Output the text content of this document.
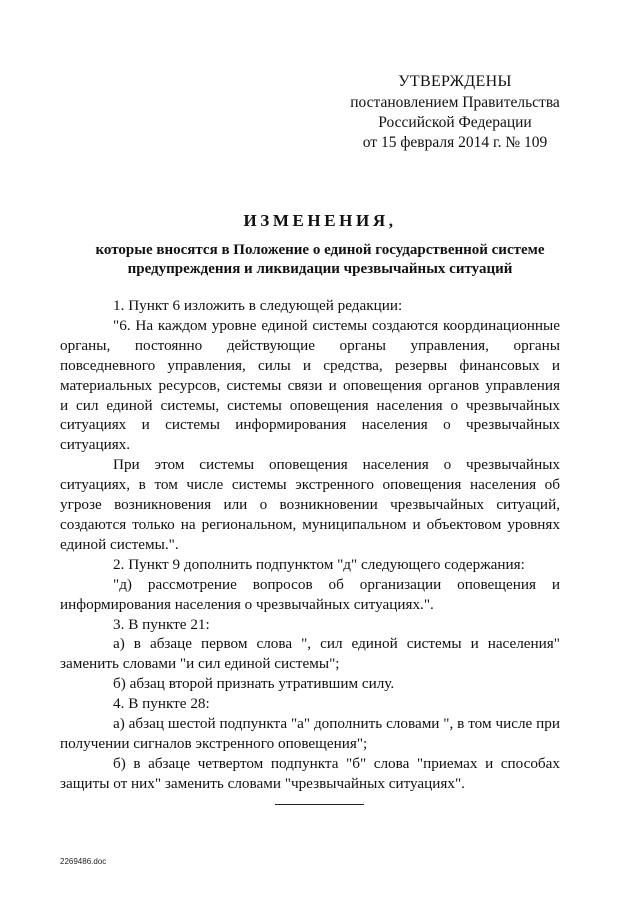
УТВЕРЖДЕНЫ
постановлением Правительства
Российской Федерации
от 15 февраля 2014 г. № 109
ИЗМЕНЕНИЯ,
которые вносятся в Положение о единой государственной системе
предупреждения и ликвидации чрезвычайных ситуаций

1. Пункт 6 изложить в следующей редакции:

"6. На каждом уровне единой системы создаются координационные
органы, постоянно действующие органы управления, органы
повседневного управления, силы и средства, резервы финансовых и
материальных ресурсов, системы связи и оповещения органов управления
и сил единой системы, системы оповещения населения о чрезвычайных
ситуациях и системы информирования населения о чрезвычайных
ситуациях.
При этом системы оповещения населения о чрезвычайных
ситуациях, в том числе системы экстренного оповещения населения об
угрозе возникновения или о возникновении чрезвычайных ситуаций,
создаются только на региональном, муниципальном и объектовом уровнях
единой системы.".

2. Пункт 9 дополнить подпунктом "д" следующего содержания:

"д) рассмотрение вопросов об организации оповещения и
информирования населения о чрезвычайных ситуациях.".

3. В пункте 21:

а) в абзаце первом слова ", сил единой системы и населения"
заменить словами "и сил единой системы";

б) абзац второй признать утратившим силу.

4. В пункте 28:

а) абзац шестой подпункта "а" дополнить словами ", в том числе при
получении сигналов экстренного оповещения";
б) в абзаце четвертом подпункта "б" слова "приемах и способах
защиты от них" заменить словами "чрезвычайных ситуациях".
2269486.doc
